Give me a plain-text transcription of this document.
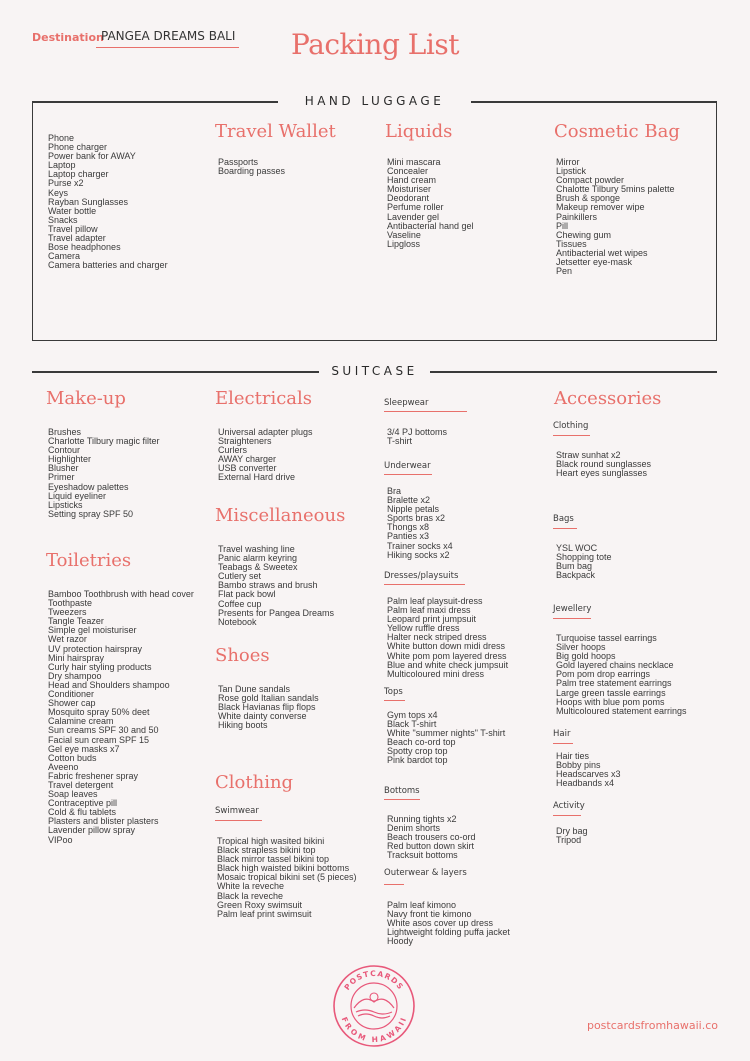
Destination
PANGEA DREAMS BALI	Packing List
HAND LUGGAGE
Phone
Phone charger
Power bank for AWAY
Laptop
Laptop charger
Purse x2
Keys
Rayban Sunglasses
Water bottle
Snacks
Travel pillow
Travel adapter
Bose headphones
Camera
Camera batteries and charger
Travel Wallet
Passports
Boarding passes
Liquids
Mini mascara
Concealer
Hand cream
Moisturiser
Deodorant
Perfume roller
Lavender gel
Antibacterial hand gel
Vaseline
Lipgloss
Cosmetic Bag
Mirror
Lipstick
Compact powder
Chalotte Tilbury 5mins palette
Brush & sponge
Makeup remover wipe
Painkillers
Pill
Chewing gum
Tissues
Antibacterial wet wipes
Jetsetter eye-mask
Pen
SUITCASE
Make-up
Brushes
Charlotte Tilbury magic filter
Contour
Highlighter
Blusher
Primer
Eyeshadow palettes
Liquid eyeliner
Lipsticks
Setting spray SPF 50
Toiletries
Bamboo Toothbrush with head cover
Toothpaste
Tweezers
Tangle Teazer
Simple gel moisturiser
Wet razor
UV protection hairspray
Mini hairspray
Curly hair styling products
Dry shampoo
Head and Shoulders shampoo
Conditioner
Shower cap
Mosquito spray 50% deet
Calamine cream
Sun creams SPF 30 and 50
Facial sun cream SPF 15
Gel eye masks x7
Cotton buds
Aveeno
Fabric freshener spray
Travel detergent
Soap leaves
Contraceptive pill
Cold & flu tablets
Plasters and blister plasters
Lavender pillow spray
VIPoo
Electricals
Universal adapter plugs
Straighteners
Curlers
AWAY charger
USB converter
External Hard drive
Miscellaneous
Travel washing line
Panic alarm keyring
Teabags & Sweetex
Cutlery set
Bambo straws and brush
Flat pack bowl
Coffee cup
Presents for Pangea Dreams
Notebook
Shoes
Tan Dune sandals
Rose gold Italian sandals
Black Havianas flip flops
White dainty converse
Hiking boots
Clothing
Swimwear
Tropical high wasited bikini
Black strapless bikini top
Black mirror tassel bikini top
Black high waisted bikini bottoms
Mosaic tropical bikini set (5 pieces)
White la reveche
Black la reveche
Green Roxy swimsuit
Palm leaf print swimsuit
Sleepwear
3/4 PJ bottoms
T-shirt
Underwear
Bra
Bralette x2
Nipple petals
Sports bras x2
Thongs x8
Panties x3
Trainer socks x4
Hiking socks x2
Dresses/playsuits
Palm leaf playsuit-dress
Palm leaf maxi dress
Leopard print jumpsuit
Yellow ruffle dress
Halter neck striped dress
White button down midi dress
White pom pom layered dress
Blue and white check jumpsuit
Multicoloured mini dress
Tops
Gym tops x4
Black T-shirt
White "summer nights" T-shirt
Beach co-ord top
Spotty crop top
Pink bardot top
Bottoms
Running tights x2
Denim shorts
Beach trousers co-ord
Red button down skirt
Tracksuit bottoms
Outerwear & layers
Palm leaf kimono
Navy front tie kimono
White asos cover up dress
Lightweight folding puffa jacket
Hoody
Accessories
Clothing
Straw sunhat x2
Black round sunglasses
Heart eyes sunglasses
Bags
YSL WOC
Shopping tote
Bum bag
Backpack
Jewellery
Turquoise tassel earrings
Silver hoops
Big gold hoops
Gold layered chains necklace
Pom pom drop earrings
Palm tree statement earrings
Large green tassle earrings
Hoops with blue pom poms
Multicoloured statement earrings
Hair
Hair ties
Bobby pins
Headscarves x3
Headbands x4
Activity
Dry bag
Tripod
POSTCARDS
FROM HAWAII	postcardsfromhawaii.co
